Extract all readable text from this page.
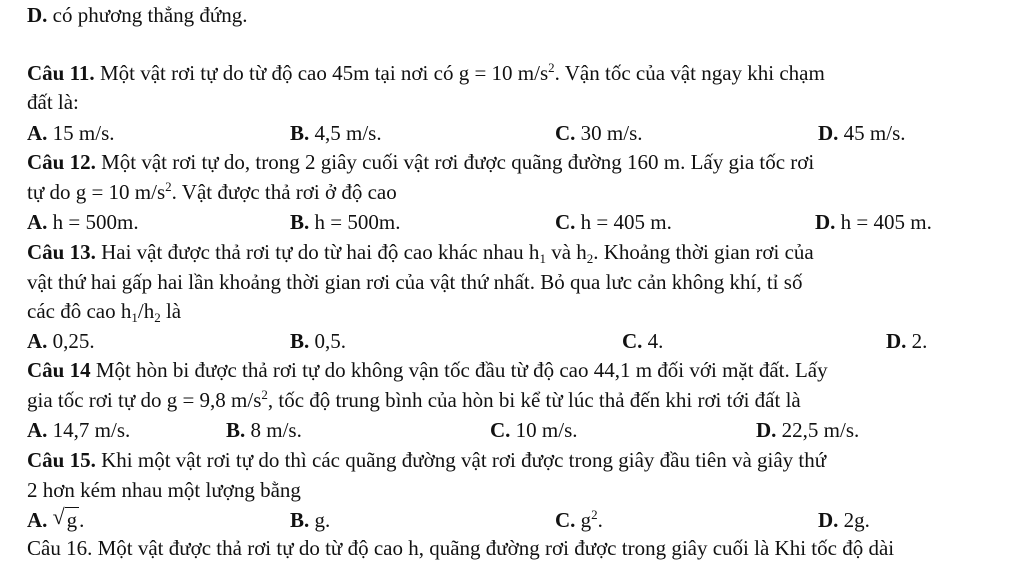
D. có phương thẳng đứng.
Câu 11. Một vật rơi tự do từ độ cao 45m tại nơi có g = 10 $m/s^2$. Vận tốc của vật ngay khi chạm
đất là:
A. 15 m/s.	B. 4,5 m/s.	C. 30 m/s.	D. 45 m/s.
Câu 12. Một vật rơi tự do, trong 2 giây cuối vật rơi được quãng đường 160 m. Lấy gia tốc rơi
tự do g = 10 $m/s^2$. Vật được thả rơi ở độ cao
A. h = 500m.	B. h = 500m.	C. h = 405 m.	D. h = 405 m.
Câu 13. Hai vật được thả rơi tự do từ hai độ cao khác nhau $h_1$ và $h_2$. Khoảng thời gian rơi của
vật thứ hai gấp hai lần khoảng thời gian rơi của vật thứ nhất. Bỏ qua lưc cản không khí, tỉ số
các đô cao $h_1/h_2$ là
A. 0,25.	B. 0,5.	C. 4.	D. 2.
Câu 14 Một hòn bi được thả rơi tự do không vận tốc đầu từ độ cao 44,1 m đối với mặt đất. Lấy
gia tốc rơi tự do g = 9,8 $m/s^2$, tốc độ trung bình của hòn bi kể từ lúc thả đến khi rơi tới đất là
A. 14,7 m/s.	B. 8 m/s.	C. 10 m/s.	D. 22,5 m/s.
Câu 15. Khi một vật rơi tự do thì các quãng đường vật rơi được trong giây đầu tiên và giây thứ
2 hơn kém nhau một lượng bằng
A. √ g.	B. g.	C. $g^2$.	D. 2g.
Câu 16. Một vật được thả rơi tự do từ độ cao h, quãng đường rơi được trong giây cuối là Khi tốc độ dài
